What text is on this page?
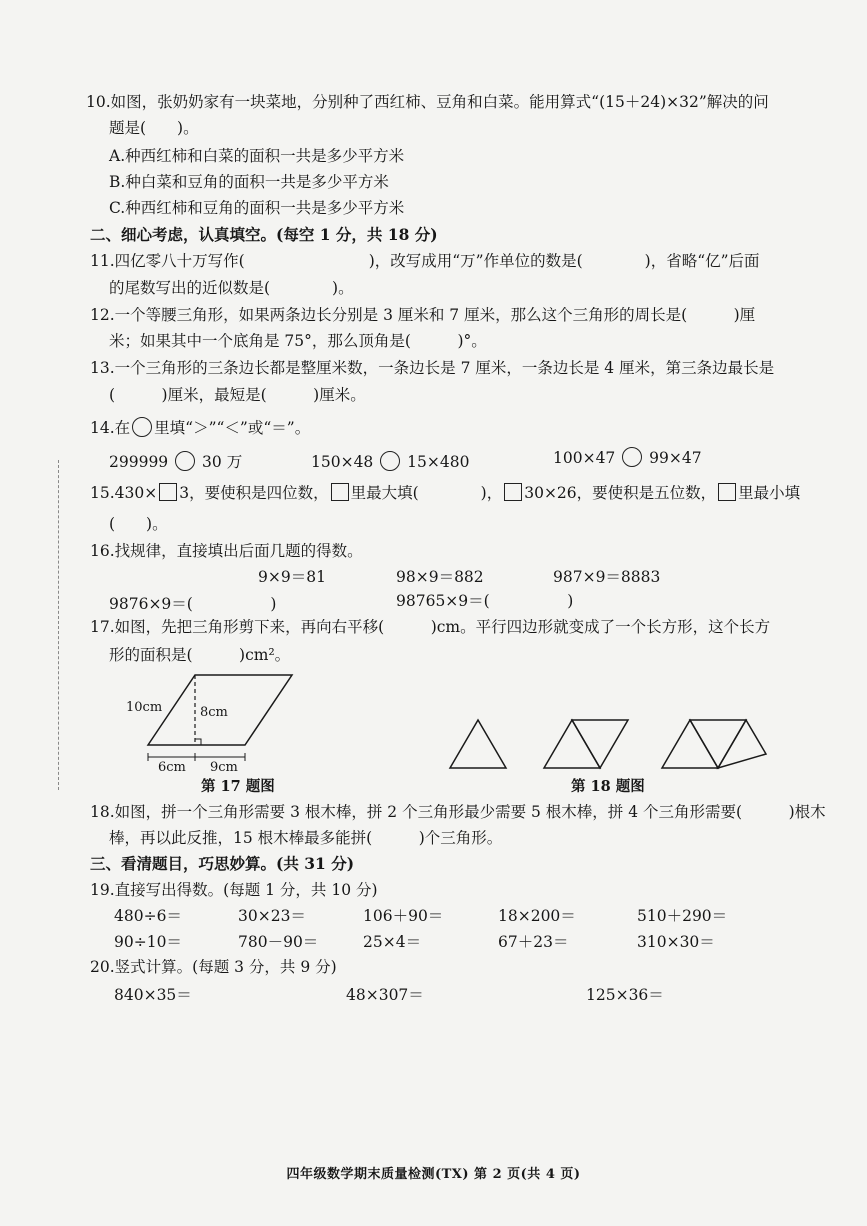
10.如图，张奶奶家有一块菜地，分别种了西红柿、豆角和白菜。能用算式“(15＋24)×32”解决的问
题是(　　)。
A.种西红柿和白菜的面积一共是多少平方米
B.种白菜和豆角的面积一共是多少平方米
C.种西红柿和豆角的面积一共是多少平方米
二、细心考虑，认真填空。(每空 1 分，共 18 分)
11.四亿零八十万写作(　　　　　　　　)，改写成用“万”作单位的数是(　　　　)，省略“亿”后面
的尾数写出的近似数是(　　　　)。
12.一个等腰三角形，如果两条边长分别是 3 厘米和 7 厘米，那么这个三角形的周长是(　　　)厘
米；如果其中一个底角是 75°，那么顶角是(　　　)°。
13.一个三角形的三条边长都是整厘米数，一条边长是 7 厘米，一条边长是 4 厘米，第三条边最长是
(　　　)厘米，最短是(　　　)厘米。
14.在 里填“＞”“＜”或“＝”。
299999 30 万	150×48 15×480	100×47 99×47
15.430× 3，要使积是四位数， 里最大填(　　　　)， 30×26，要使积是五位数， 里最小填
(　　)。
16.找规律，直接填出后面几题的得数。
9×9＝81	98×9＝882	987×9＝8883
9876×9＝(　　　　　)	98765×9＝(　　　　　)
17.如图，先把三角形剪下来，再向右平移(　　　)cm。平行四边形就变成了一个长方形，这个长方
形的面积是(　　　)cm²。
10cm	8cm
6cm 9cm
第 17 题图	第 18 题图
18.如图，拼一个三角形需要 3 根木棒，拼 2 个三角形最少需要 5 根木棒，拼 4 个三角形需要(　　　)根木
棒，再以此反推，15 根木棒最多能拼(　　　)个三角形。
三、看清题目，巧思妙算。(共 31 分)
19.直接写出得数。(每题 1 分，共 10 分)
480÷6＝	30×23＝	106＋90＝	18×200＝	510＋290＝
90÷10＝	780－90＝	25×4＝	67＋23＝	310×30＝
20.竖式计算。(每题 3 分，共 9 分)
840×35＝	48×307＝	125×36＝
四年级数学期末质量检测(TX) 第 2 页(共 4 页)
